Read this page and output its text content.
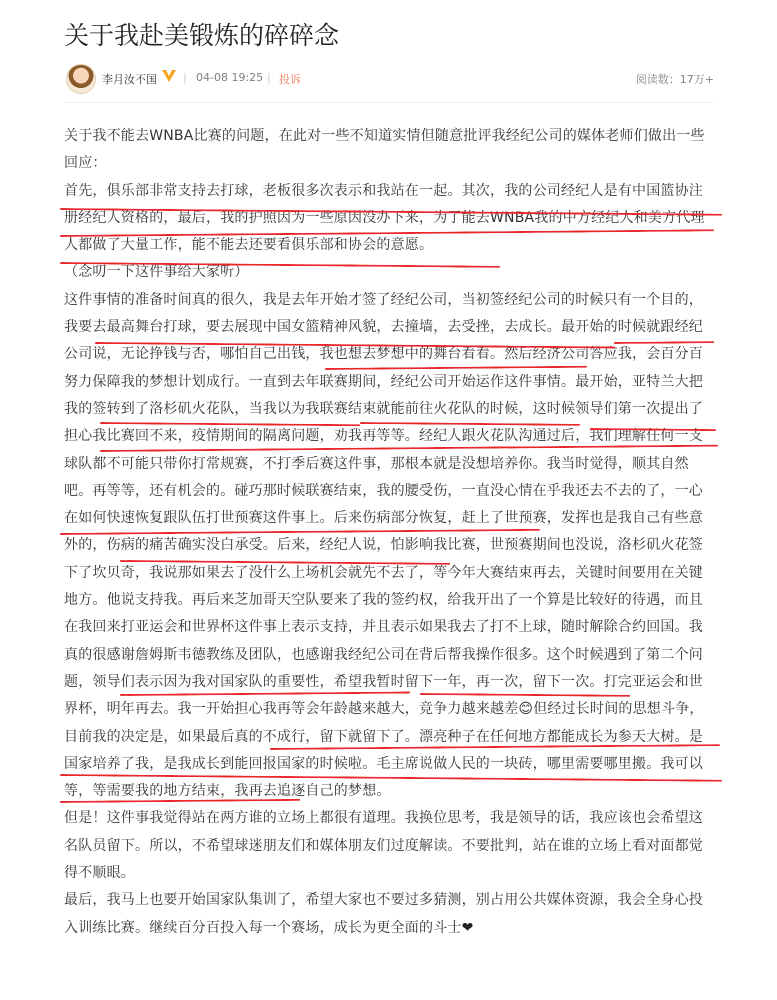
关于我赴美锻炼的碎碎念
李月汝不国 | 04-08 19:25 | 投诉	阅读数：17万+

关于我不能去WNBA比赛的问题，在此对一些不知道实情但随意批评我经纪公司的媒体老师们做出一些回应：

首先，俱乐部非常支持去打球，老板很多次表示和我站在一起。其次，我的公司经纪人是有中国篮协注册经纪人资格的，最后，我的护照因为一些原因没办下来，为了能去WNBA我的中方经纪人和美方代理人都做了大量工作，能不能去还要看俱乐部和协会的意愿。

（念叨一下这件事给大家听）

这件事情的准备时间真的很久，我是去年开始才签了经纪公司，当初签经纪公司的时候只有一个目的，我要去最高舞台打球，要去展现中国女篮精神风貌，去撞墙，去受挫，去成长。最开始的时候就跟经纪公司说，无论挣钱与否，哪怕自己出钱，我也想去梦想中的舞台看看。然后经济公司答应我，会百分百努力保障我的梦想计划成行。一直到去年联赛期间，经纪公司开始运作这件事情。最开始，亚特兰大把我的签转到了洛杉矶火花队，当我以为我联赛结束就能前往火花队的时候，这时候领导们第一次提出了担心我比赛回不来，疫情期间的隔离问题，劝我再等等。经纪人跟火花队沟通过后，我们理解任何一支球队都不可能只带你打常规赛，不打季后赛这件事，那根本就是没想培养你。我当时觉得，顺其自然吧。再等等，还有机会的。碰巧那时候联赛结束，我的腰受伤，一直没心情在乎我还去不去的了，一心在如何快速恢复跟队伍打世预赛这件事上。后来伤病部分恢复，赶上了世预赛，发挥也是我自己有些意外的，伤病的痛苦确实没白承受。后来，经纪人说，怕影响我比赛，世预赛期间也没说，洛杉矶火花签下了坎贝奇，我说那如果去了没什么上场机会就先不去了，等今年大赛结束再去，关键时间要用在关键地方。他说支持我。再后来芝加哥天空队要来了我的签约权，给我开出了一个算是比较好的待遇，而且在我回来打亚运会和世界杯这件事上表示支持，并且表示如果我去了打不上球，随时解除合约回国。我真的很感谢詹姆斯韦德教练及团队，也感谢我经纪公司在背后帮我操作很多。这个时候遇到了第二个问题，领导们表示因为我对国家队的重要性，希望我暂时留下一年，再一次，留下一次。打完亚运会和世界杯，明年再去。我一开始担心我再等会年龄越来越大，竞争力越来越差😊但经过长时间的思想斗争，目前我的决定是，如果最后真的不成行，留下就留下了。漂亮种子在任何地方都能成长为参天大树。是国家培养了我，是我成长到能回报国家的时候啦。毛主席说做人民的一块砖，哪里需要哪里搬。我可以等，等需要我的地方结束，我再去追逐自己的梦想。

但是！这件事我觉得站在两方谁的立场上都很有道理。我换位思考，我是领导的话，我应该也会希望这名队员留下。所以，不希望球迷朋友们和媒体朋友们过度解读。不要批判，站在谁的立场上看对面都觉得不顺眼。

最后，我马上也要开始国家队集训了，希望大家也不要过多猜测，别占用公共媒体资源，我会全身心投入训练比赛。继续百分百投入每一个赛场，成长为更全面的斗士❤
